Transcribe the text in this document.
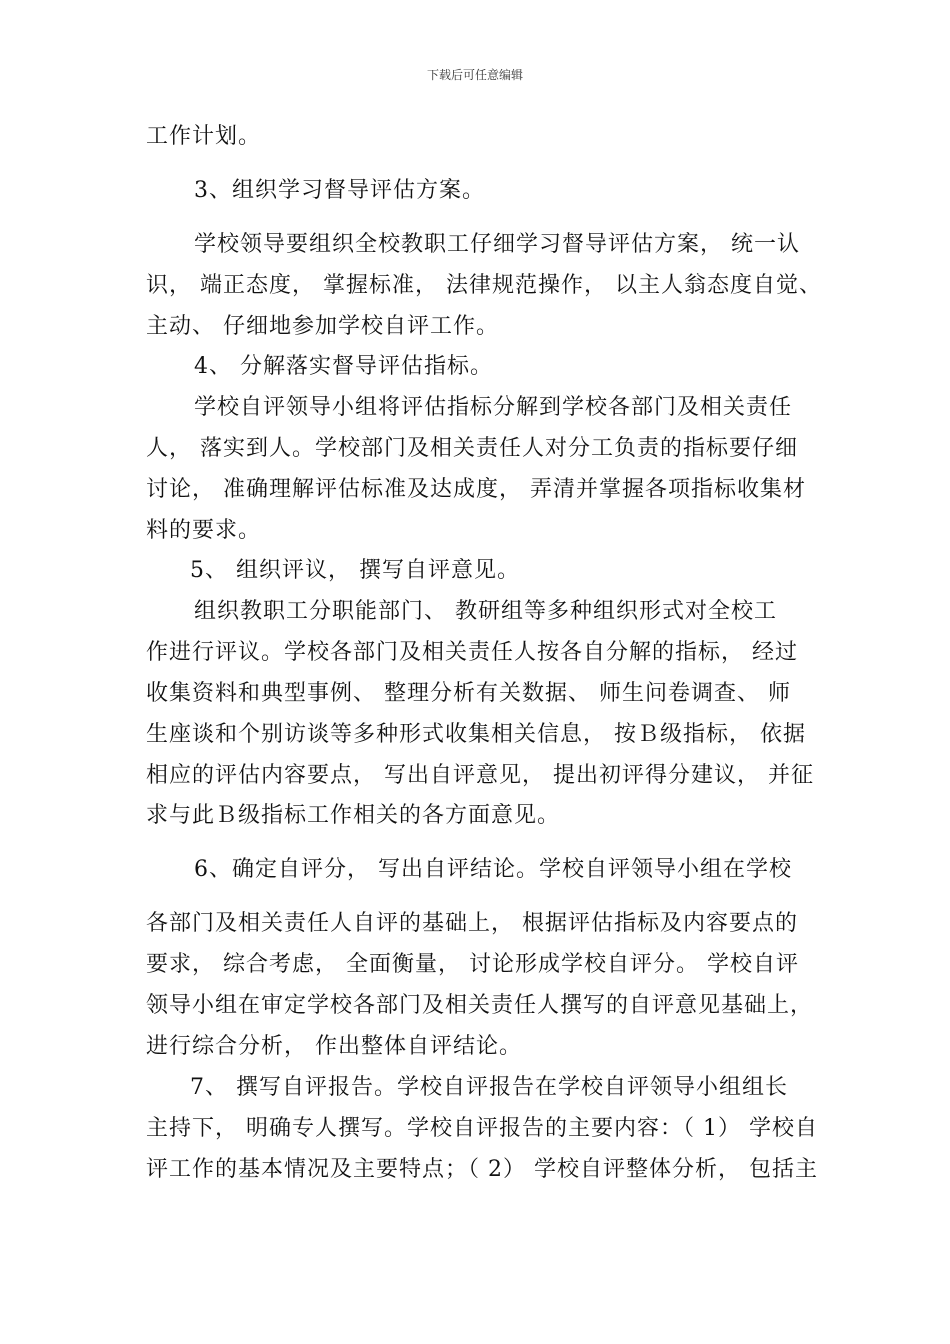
下载后可任意编辑
工作计划。
3、组织学习督导评估方案。
学校领导要组织全校教职工仔细学习督导评估方案， 统一认
识， 端正态度， 掌握标准， 法律规范操作， 以主人翁态度自觉、
主动、 仔细地参加学校自评工作。
4、 分解落实督导评估指标。
学校自评领导小组将评估指标分解到学校各部门及相关责任
人， 落实到人。学校部门及相关责任人对分工负责的指标要仔细
讨论， 准确理解评估标准及达成度， 弄清并掌握各项指标收集材
料的要求。
5、 组织评议， 撰写自评意见。
组织教职工分职能部门、 教研组等多种组织形式对全校工
作进行评议。学校各部门及相关责任人按各自分解的指标， 经过
收集资料和典型事例、 整理分析有关数据、 师生问卷调查、 师
生座谈和个别访谈等多种形式收集相关信息， 按Ｂ级指标， 依据
相应的评估内容要点， 写出自评意见， 提出初评得分建议， 并征
求与此Ｂ级指标工作相关的各方面意见。
6、确定自评分， 写出自评结论。学校自评领导小组在学校
各部门及相关责任人自评的基础上， 根据评估指标及内容要点的
要求， 综合考虑， 全面衡量， 讨论形成学校自评分。 学校自评
领导小组在审定学校各部门及相关责任人撰写的自评意见基础上，
进行综合分析， 作出整体自评结论。
7、 撰写自评报告。学校自评报告在学校自评领导小组组长
主持下， 明确专人撰写。学校自评报告的主要内容：（ 1） 学校自
评工作的基本情况及主要特点；（ 2） 学校自评整体分析， 包括主
